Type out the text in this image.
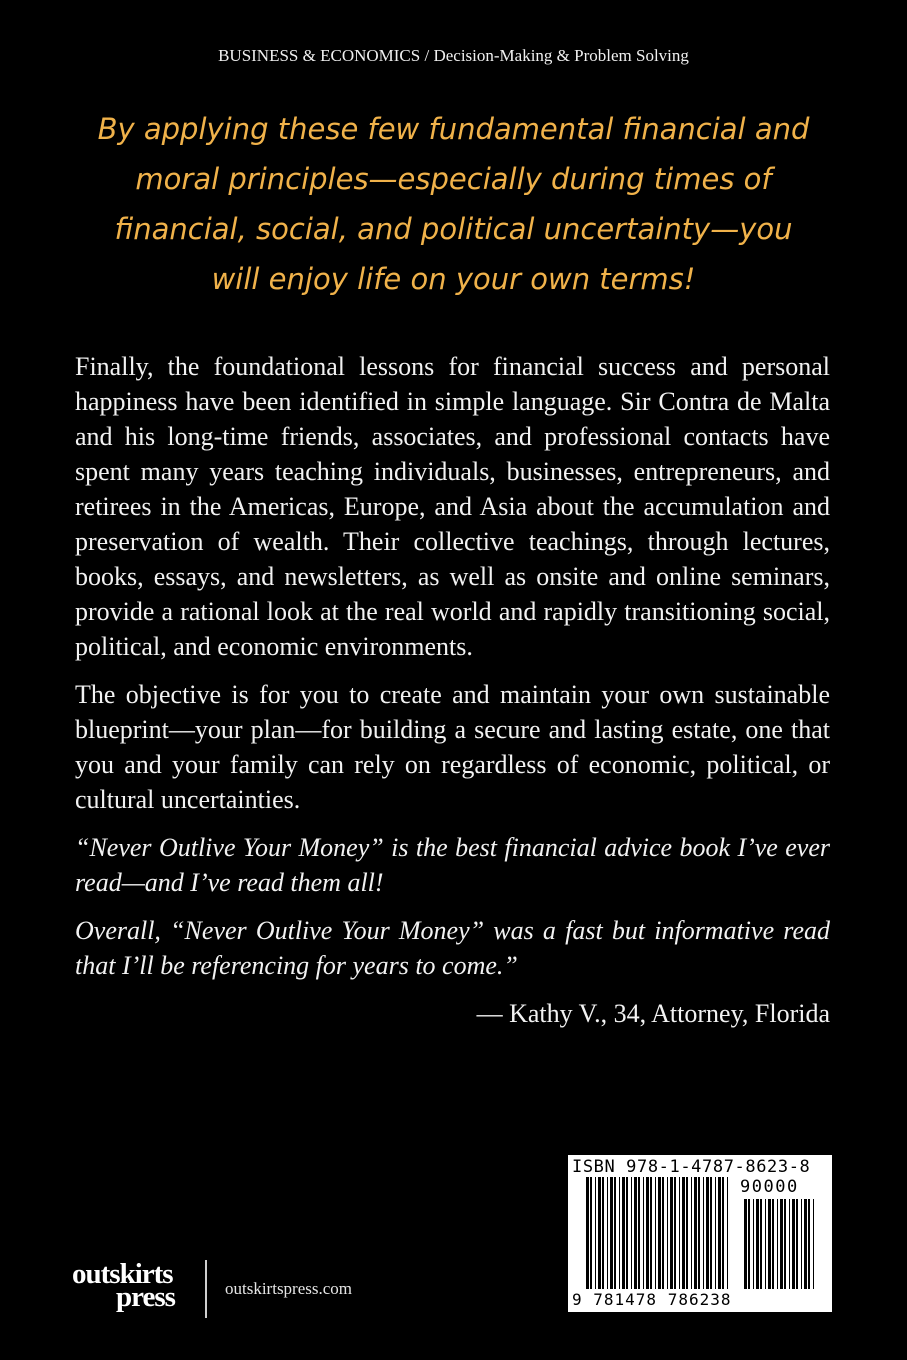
BUSINESS & ECONOMICS / Decision-Making & Problem Solving
By applying these few fundamental financial and
moral principles—especially during times of
financial, social, and political uncertainty—you
will enjoy life on your own terms!

Finally, the foundational lessons for financial success and personal happiness have been identified in simple language. Sir Contra de Malta and his long-time friends, associates, and professional contacts have spent many years teaching individuals, businesses, entrepreneurs, and retirees in the Americas, Europe, and Asia about the accumulation and preservation of wealth. Their collective teachings, through lectures, books, essays, and newsletters, as well as onsite and online seminars, provide a rational look at the real world and rapidly transitioning social, political, and economic environments.

The objective is for you to create and maintain your own sustainable blueprint—your plan—for building a secure and lasting estate, one that you and your family can rely on regardless of economic, political, or cultural uncertainties.

“Never Outlive Your Money” is the best financial advice book I’ve ever read—and I’ve read them all!

Overall, “Never Outlive Your Money” was a fast but informative read that I’ll be referencing for years to come.”

— Kathy V., 34, Attorney, Florida

ISBN 978-1-4787-8623-8
90000
9 781478 786238
outskirts
press	outskirtspress.com
